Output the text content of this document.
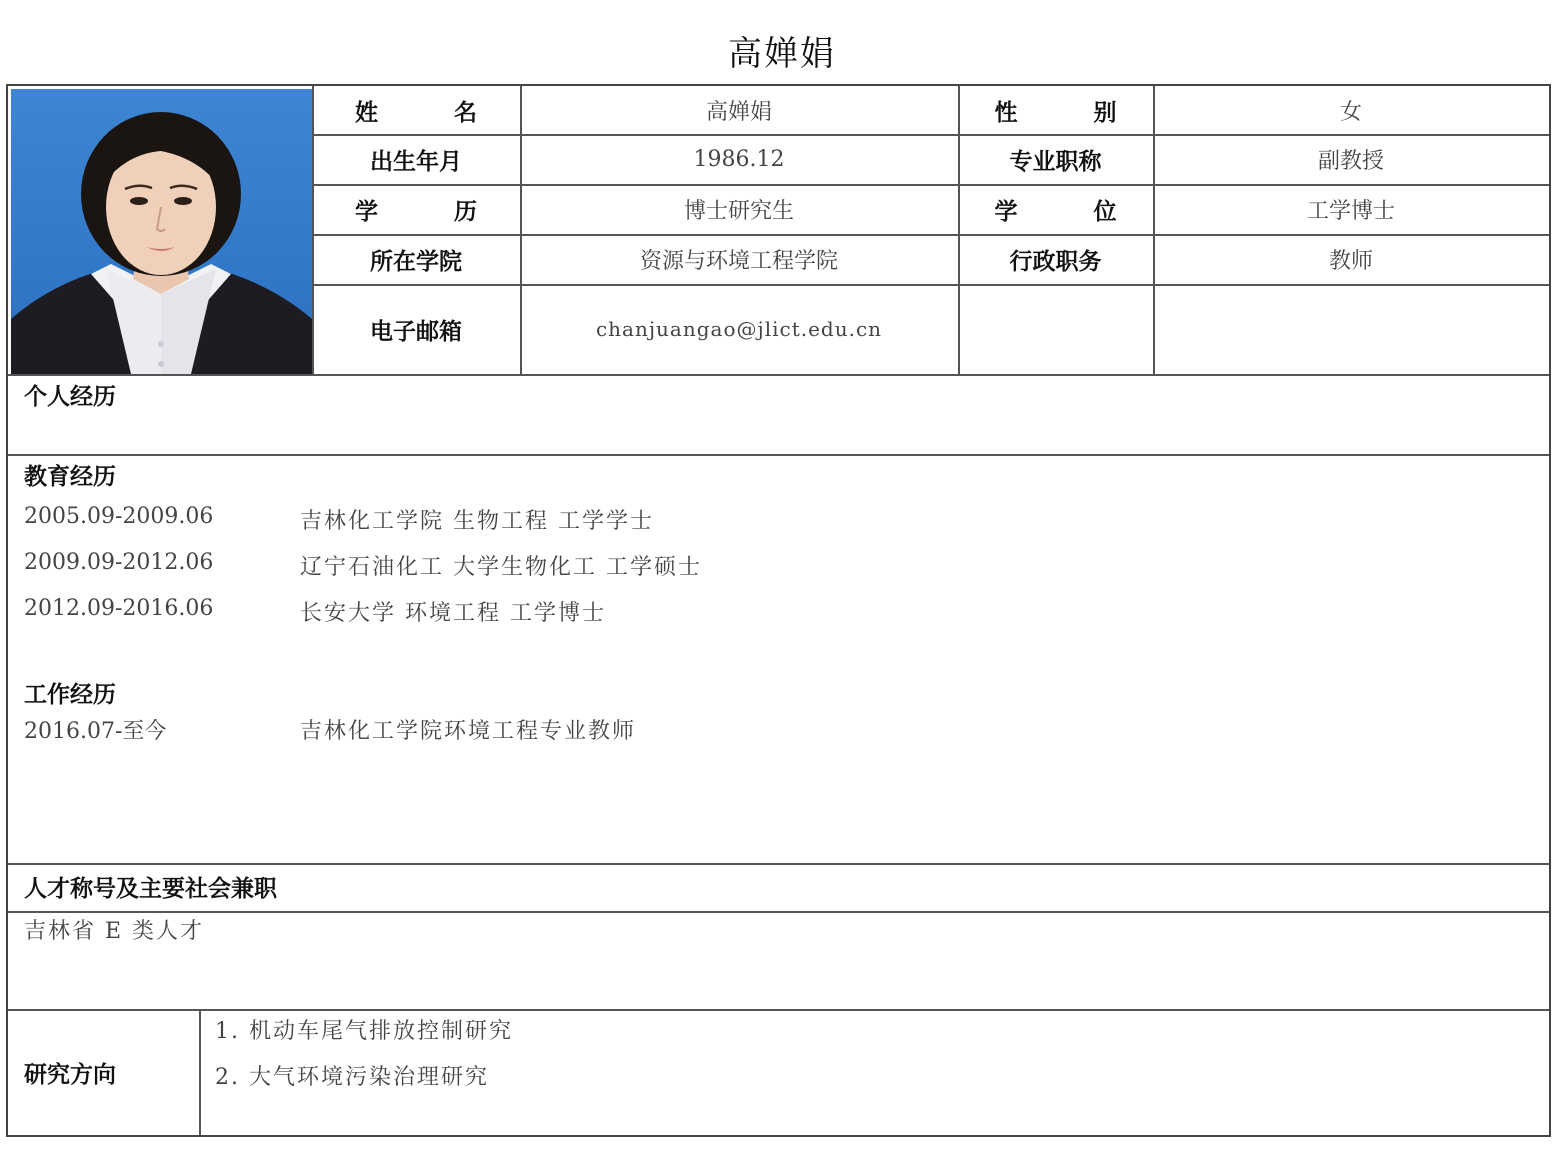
高婵娟
姓 名	高婵娟	性 别	女
出生年月	1986.12	专业职称	副教授
学 历	博士研究生	学 位	工学博士
所在学院	资源与环境工程学院	行政职务	教师
电子邮箱	chanjuangao@jlict.edu.cn
个人经历
教育经历
2005.09-2009.06	吉林化工学院 生物工程 工学学士
2009.09-2012.06	辽宁石油化工 大学生物化工 工学硕士
2012.09-2016.06	长安大学 环境工程 工学博士
工作经历
2016.07-至今	吉林化工学院环境工程专业教师
人才称号及主要社会兼职
吉林省 E 类人才
研究方向
1. 机动车尾气排放控制研究
2. 大气环境污染治理研究
